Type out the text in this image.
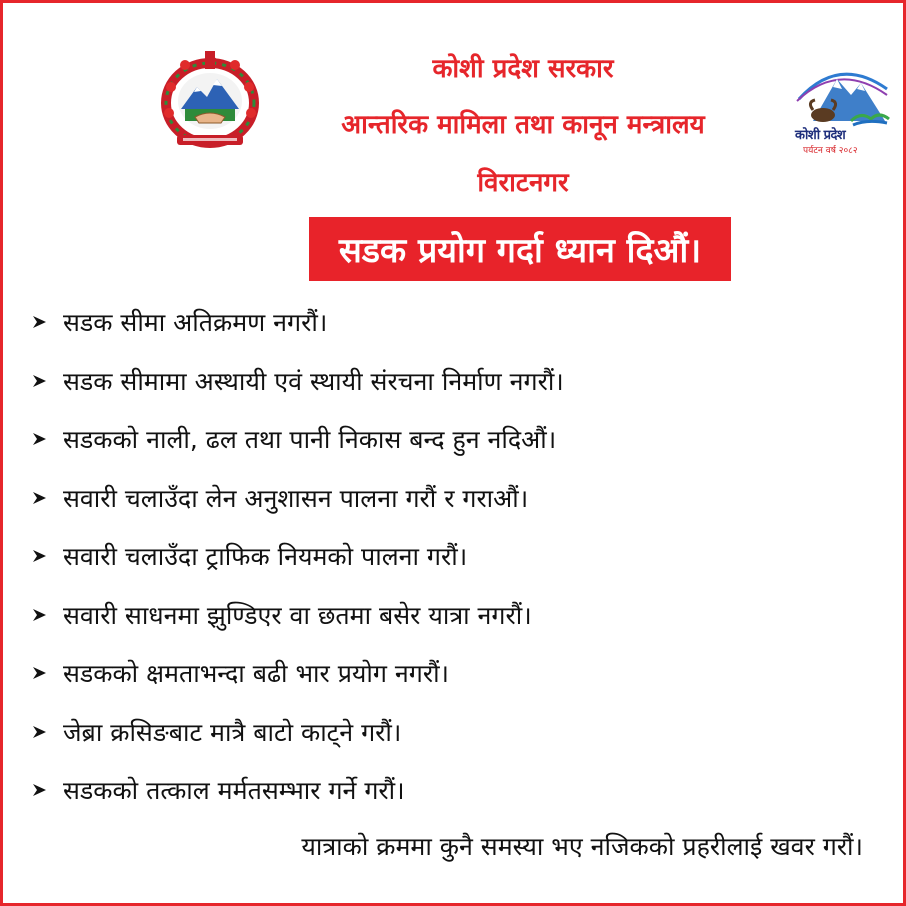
कोशी प्रदेश सरकार
आन्तरिक मामिला तथा कानून मन्त्रालय
विराटनगर
कोशी प्रदेश
पर्यटन वर्ष २०८२
सडक प्रयोग गर्दा ध्यान दिऔं।
सडक सीमा अतिक्रमण नगरौं।
सडक सीमामा अस्थायी एवं स्थायी संरचना निर्माण नगरौं।
सडकको नाली, ढल तथा पानी निकास बन्द हुन नदिऔं।
सवारी चलाउँदा लेन अनुशासन पालना गरौं र गराऔं।
सवारी चलाउँदा ट्राफिक नियमको पालना गरौं।
सवारी साधनमा झुण्डिएर वा छतमा बसेर यात्रा नगरौं।
सडकको क्षमताभन्दा बढी भार प्रयोग नगरौं।
जेब्रा क्रसिङबाट मात्रै बाटो काट्ने गरौं।
सडकको तत्काल मर्मतसम्भार गर्ने गरौं।
यात्राको क्रममा कुनै समस्या भए नजिकको प्रहरीलाई खवर गरौं।
